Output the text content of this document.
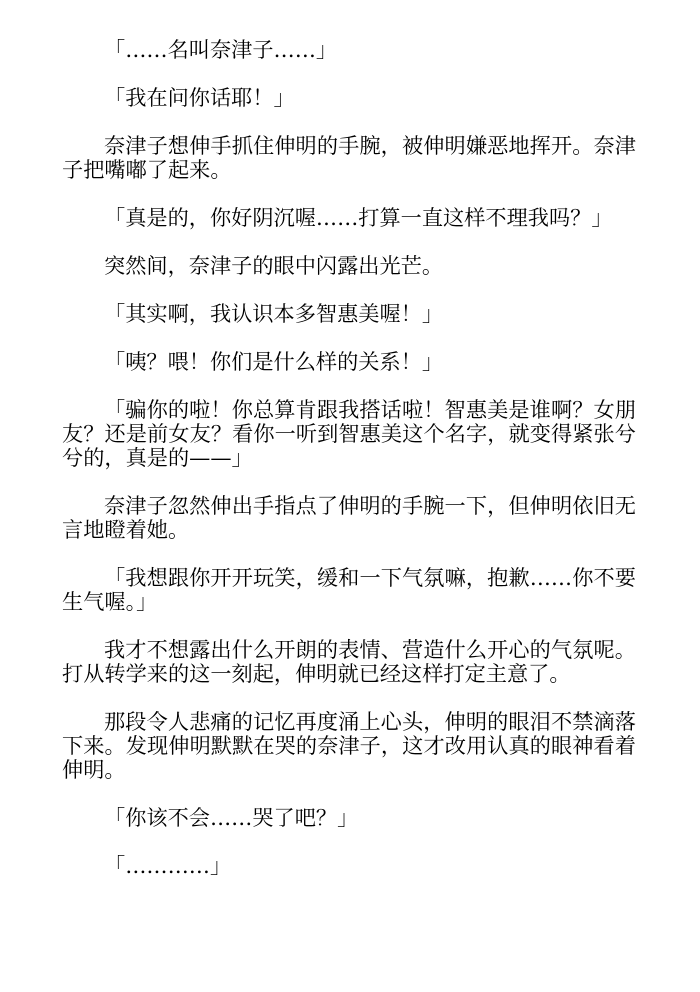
「……名叫奈津子……」

「我在问你话耶！」

奈津子想伸手抓住伸明的手腕，被伸明嫌恶地挥开。奈津子把嘴嘟了起来。

「真是的，你好阴沉喔……打算一直这样不理我吗？」

突然间，奈津子的眼中闪露出光芒。

「其实啊，我认识本多智惠美喔！」

「咦？喂！你们是什么样的关系！」

「骗你的啦！你总算肯跟我搭话啦！智惠美是谁啊？女朋友？还是前女友？看你一听到智惠美这个名字，就变得紧张兮兮的，真是的——」

奈津子忽然伸出手指点了伸明的手腕一下，但伸明依旧无言地瞪着她。

「我想跟你开开玩笑，缓和一下气氛嘛，抱歉……你不要生气喔。」

我才不想露出什么开朗的表情、营造什么开心的气氛呢。打从转学来的这一刻起，伸明就已经这样打定主意了。

那段令人悲痛的记忆再度涌上心头，伸明的眼泪不禁滴落下来。发现伸明默默在哭的奈津子，这才改用认真的眼神看着伸明。

「你该不会……哭了吧？」

「…………」
